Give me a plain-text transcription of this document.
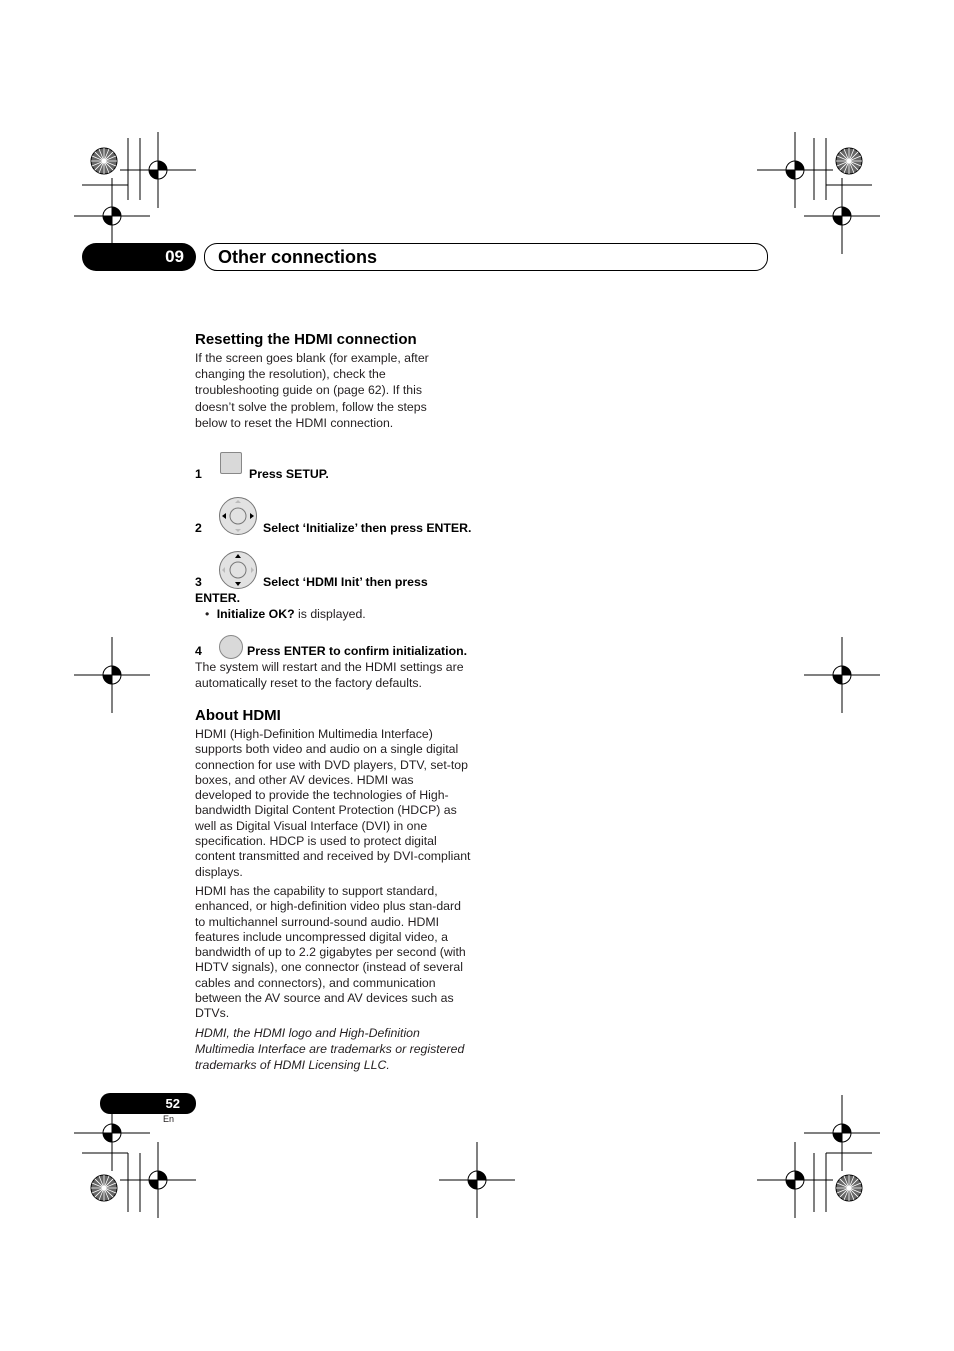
09 Other connections
Resetting the HDMI connection
If the screen goes blank (for example, after changing the resolution), check the troubleshooting guide on (page 62). If this doesn’t solve the problem, follow the steps below to reset the HDMI connection.
1	Press SETUP.
2	Select ‘Initialize’ then press ENTER.
3	Select ‘HDMI Init’ then press
ENTER.
• Initialize OK? is displayed.
4	Press ENTER to confirm initialization.
The system will restart and the HDMI settings are automatically reset to the factory defaults.
About HDMI
HDMI (High-Definition Multimedia Interface) supports both video and audio on a single digital connection for use with DVD players, DTV, set-top boxes, and other AV devices. HDMI was developed to provide the technologies of High-bandwidth Digital Content Protection (HDCP) as well as Digital Visual Interface (DVI) in one specification. HDCP is used to protect digital content transmitted and received by DVI-compliant displays.
HDMI has the capability to support standard, enhanced, or high-definition video plus stan-dard to multichannel surround-sound audio. HDMI features include uncompressed digital video, a bandwidth of up to 2.2 gigabytes per second (with HDTV signals), one connector (instead of several cables and connectors), and communication between the AV source and AV devices such as DTVs.
HDMI, the HDMI logo and High-Definition Multimedia Interface are trademarks or registered trademarks of HDMI Licensing LLC.
52
En
